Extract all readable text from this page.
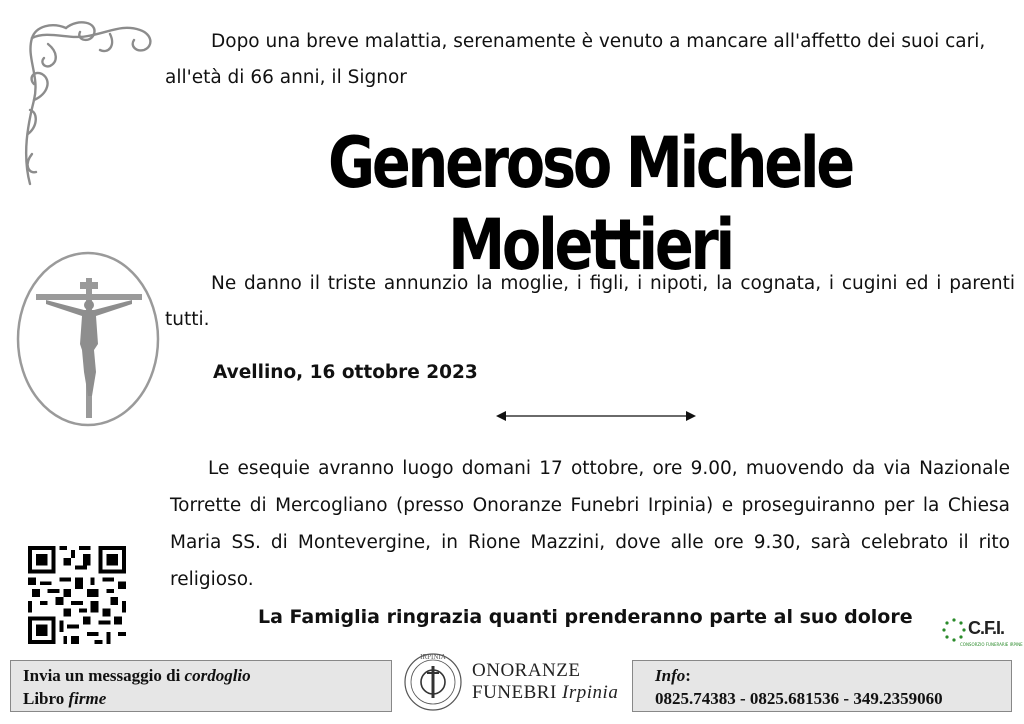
Dopo una breve malattia, serenamente è venuto a mancare all'affetto dei suoi cari,
all'età di 66 anni, il Signor
Generoso Michele Molettieri
Ne danno il triste annunzio la moglie, i figli, i nipoti, la cognata, i cugini ed i parenti tutti.
Avellino, 16 ottobre 2023
Le esequie avranno luogo domani 17 ottobre, ore 9.00, muovendo da via Nazionale Torrette di Mercogliano (presso Onoranze Funebri Irpinia) e proseguiranno per la Chiesa Maria SS. di Montevergine, in Rione Mazzini, dove alle ore 9.30, sarà celebrato il rito religioso.
La Famiglia ringrazia quanti prenderanno parte al suo dolore	C.F.I.
CONSORZIO FUNERARIE IRPINE
Invia un messaggio di cordoglio
Libro firme
IRPINIA
ONORANZE
FUNEBRI Irpinia
Info:
0825.74383 - 0825.681536 - 349.2359060
